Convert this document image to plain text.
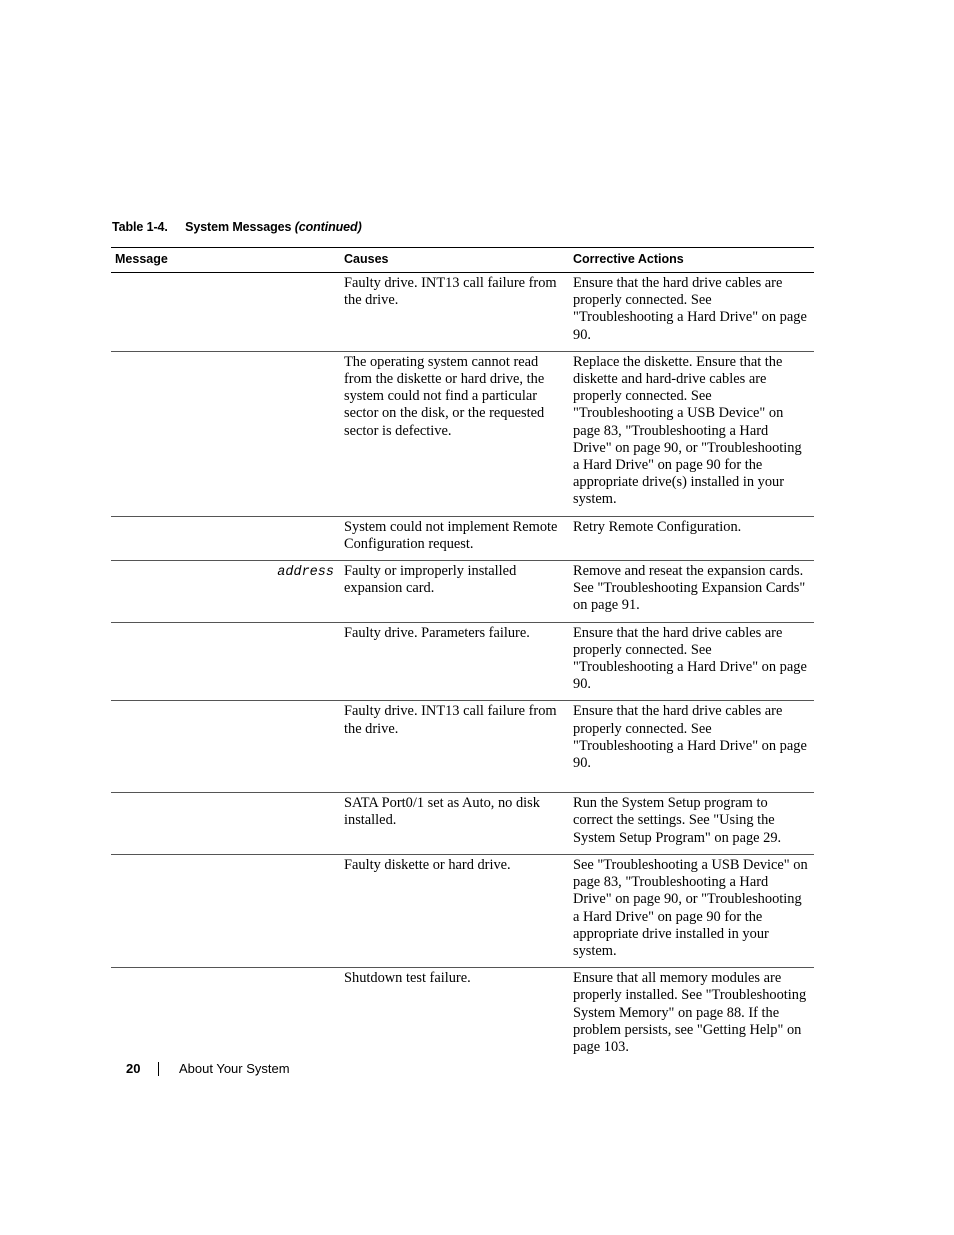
Table 1-4. System Messages (continued)
Message	Causes	Corrective Actions
	Faulty drive. INT13 call failure from the drive.	Ensure that the hard drive cables are properly connected. See "Troubleshooting a Hard Drive" on page 90.
	The operating system cannot read from the diskette or hard drive, the system could not find a particular sector on the disk, or the requested sector is defective.	Replace the diskette. Ensure that the diskette and hard-drive cables are properly connected. See "Troubleshooting a USB Device" on page 83, "Troubleshooting a Hard Drive" on page 90, or "Troubleshooting a Hard Drive" on page 90 for the appropriate drive(s) installed in your system.
	System could not implement Remote Configuration request.	Retry Remote Configuration.
address	Faulty or improperly installed expansion card.	Remove and reseat the expansion cards. See "Troubleshooting Expansion Cards" on page 91.
	Faulty drive. Parameters failure.	Ensure that the hard drive cables are properly connected. See "Troubleshooting a Hard Drive" on page 90.
	Faulty drive. INT13 call failure from the drive.	Ensure that the hard drive cables are properly connected. See "Troubleshooting a Hard Drive" on page 90.
	SATA Port0/1 set as Auto, no disk installed.	Run the System Setup program to correct the settings. See "Using the System Setup Program" on page 29.
	Faulty diskette or hard drive.	See "Troubleshooting a USB Device" on page 83, "Troubleshooting a Hard Drive" on page 90, or "Troubleshooting a Hard Drive" on page 90 for the appropriate drive installed in your system.
	Shutdown test failure.	Ensure that all memory modules are properly installed. See "Troubleshooting System Memory" on page 88. If the problem persists, see "Getting Help" on page 103.
20	About Your System
